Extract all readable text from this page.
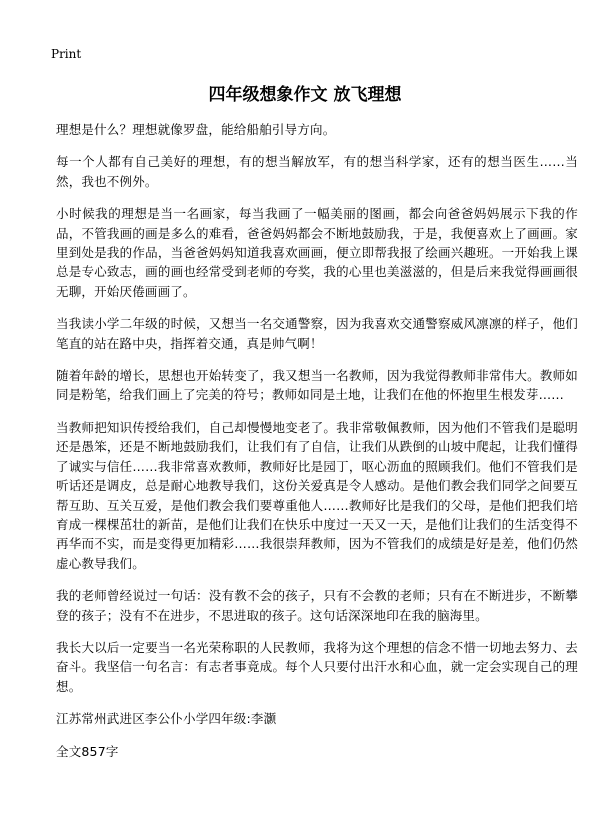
Print
四年级想象作文 放飞理想

理想是什么？理想就像罗盘，能给船舶引导方向。

每一个人都有自己美好的理想，有的想当解放军，有的想当科学家，还有的想当医生……当然，我也不例外。

小时候我的理想是当一名画家，每当我画了一幅美丽的图画，都会向爸爸妈妈展示下我的作品，不管我画的画是多么的难看，爸爸妈妈都会不断地鼓励我，于是，我便喜欢上了画画。家里到处是我的作品，当爸爸妈妈知道我喜欢画画，便立即帮我报了绘画兴趣班。一开始我上课总是专心致志，画的画也经常受到老师的夸奖，我的心里也美滋滋的，但是后来我觉得画画很无聊，开始厌倦画画了。

当我读小学二年级的时候，又想当一名交通警察，因为我喜欢交通警察威风凛凛的样子，他们笔直的站在路中央，指挥着交通，真是帅气啊！

随着年龄的增长，思想也开始转变了，我又想当一名教师，因为我觉得教师非常伟大。教师如同是粉笔，给我们画上了完美的符号；教师如同是土地，让我们在他的怀抱里生根发芽……

当教师把知识传授给我们，自己却慢慢地变老了。我非常敬佩教师，因为他们不管我们是聪明还是愚笨，还是不断地鼓励我们，让我们有了自信，让我们从跌倒的山坡中爬起，让我们懂得了诚实与信任……我非常喜欢教师，教师好比是园丁，呕心沥血的照顾我们。他们不管我们是听话还是调皮，总是耐心地教导我们，这份关爱真是令人感动。是他们教会我们同学之间要互帮互助、互关互爱，是他们教会我们要尊重他人……教师好比是我们的父母，是他们把我们培育成一棵棵茁壮的新苗，是他们让我们在快乐中度过一天又一天，是他们让我们的生活变得不再华而不实，而是变得更加精彩……我很崇拜教师，因为不管我们的成绩是好是差，他们仍然虚心教导我们。

我的老师曾经说过一句话：没有教不会的孩子，只有不会教的老师；只有在不断进步，不断攀登的孩子；没有不在进步，不思进取的孩子。这句话深深地印在我的脑海里。

我长大以后一定要当一名光荣称职的人民教师，我将为这个理想的信念不惜一切地去努力、去奋斗。我坚信一句名言：有志者事竟成。每个人只要付出汗水和心血，就一定会实现自己的理想。

江苏常州武进区李公仆小学四年级:李灏

全文857字
